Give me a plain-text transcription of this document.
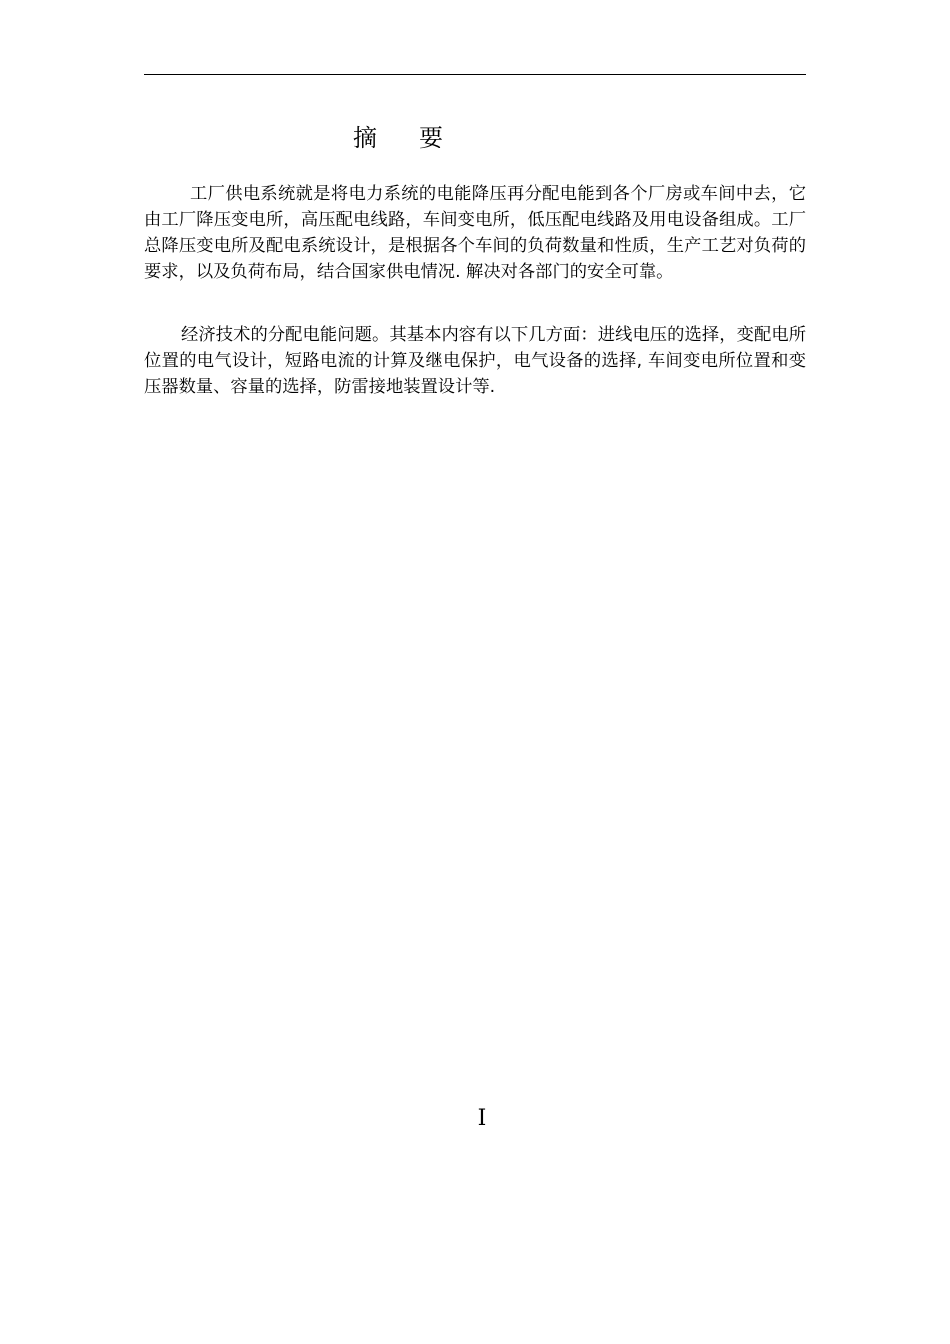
摘要

工厂供电系统就是将电力系统的电能降压再分配电能到各个厂房或车间中去，它由工厂降压变电所，高压配电线路，车间变电所，低压配电线路及用电设备组成。工厂总降压变电所及配电系统设计，是根据各个车间的负荷数量和性质，生产工艺对负荷的要求，以及负荷布局，结合国家供电情况. 解决对各部门的安全可靠。

经济技术的分配电能问题。其基本内容有以下几方面：进线电压的选择，变配电所位置的电气设计，短路电流的计算及继电保护，电气设备的选择, 车间变电所位置和变压器数量、容量的选择，防雷接地装置设计等.

I
